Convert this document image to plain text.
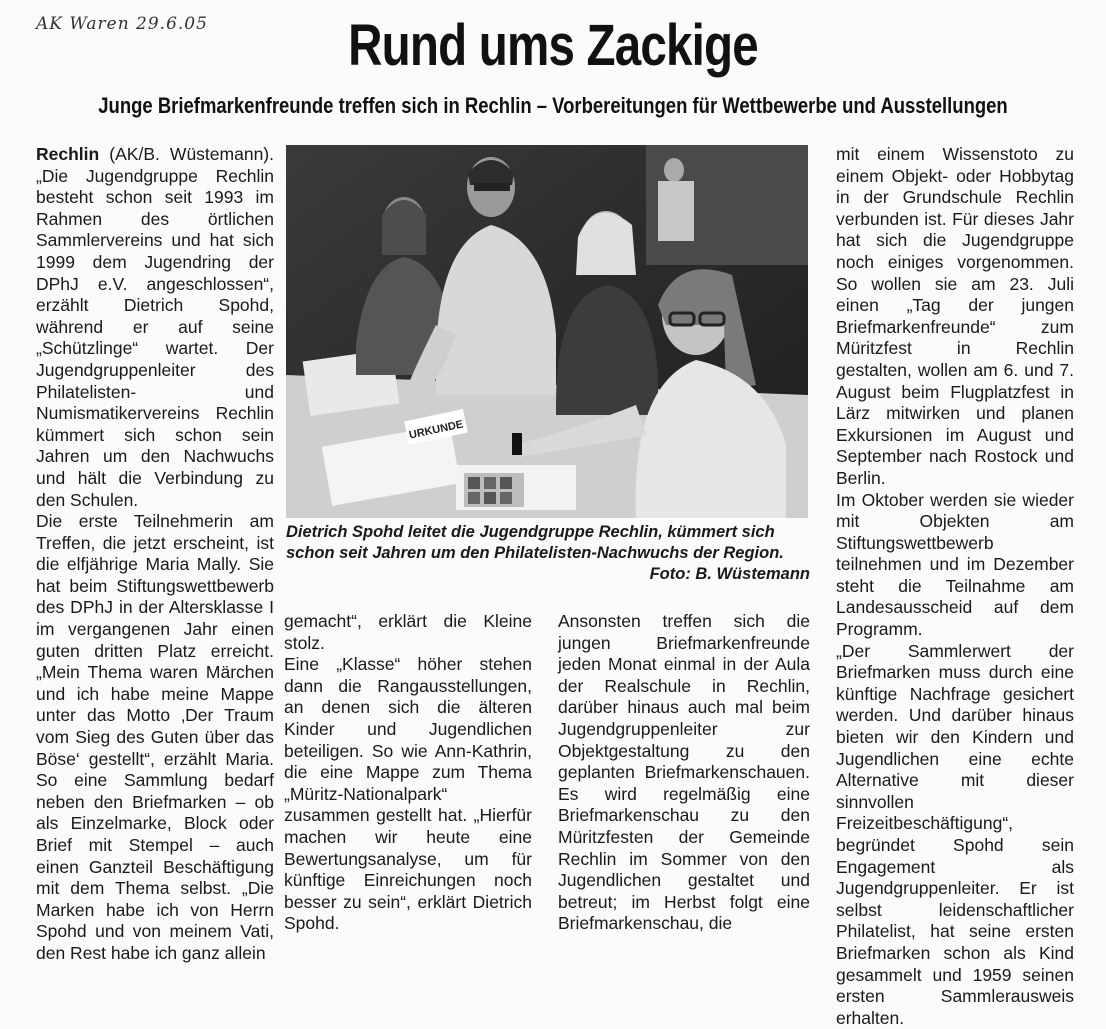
AK Waren 29.6.05	Rund ums Zackige
Junge Briefmarkenfreunde treffen sich in Rechlin – Vorbereitungen für Wettbewerbe und Ausstellungen

Rechlin (AK/B. Wüstemann). „Die Jugendgruppe Rechlin besteht schon seit 1993 im Rahmen des örtlichen Sammlervereins und hat sich 1999 dem Jugendring der DPhJ e.V. angeschlossen“, erzählt Dietrich Spohd, während er auf seine „Schützlinge“ wartet. Der Jugendgruppenleiter des Philatelisten- und Numismatikervereins Rechlin kümmert sich schon sein Jahren um den Nachwuchs und hält die Verbindung zu den Schulen.

Die erste Teilnehmerin am Treffen, die jetzt erscheint, ist die elfjährige Maria Mally. Sie hat beim Stiftungswettbewerb des DPhJ in der Altersklasse I im vergangenen Jahr einen guten dritten Platz erreicht. „Mein Thema waren Märchen und ich habe meine Mappe unter das Motto ‚Der Traum vom Sieg des Guten über das Böse‘ gestellt“, erzählt Maria. So eine Sammlung bedarf neben den Briefmarken – ob als Einzelmarke, Block oder Brief mit Stempel – auch einen Ganzteil Beschäftigung mit dem Thema selbst. „Die Marken habe ich von Herrn Spohd und von meinem Vati, den Rest habe ich ganz allein

URKUNDE
Dietrich Spohd leitet die Jugendgruppe Rechlin, kümmert sich schon seit Jahren um den Philatelisten-Nachwuchs der Region.
Foto: B. Wüstemann

gemacht“, erklärt die Kleine stolz.

Eine „Klasse“ höher stehen dann die Rangausstellungen, an denen sich die älteren Kinder und Jugendlichen beteiligen. So wie Ann-Kathrin, die eine Mappe zum Thema „Müritz-Nationalpark“ zusammen gestellt hat. „Hierfür machen wir heute eine Bewertungsanalyse, um für künftige Einreichungen noch besser zu sein“, erklärt Dietrich Spohd.

Ansonsten treffen sich die jungen Briefmarkenfreunde jeden Monat einmal in der Aula der Realschule in Rechlin, darüber hinaus auch mal beim Jugendgruppenleiter zur Objektgestaltung zu den geplanten Briefmarkenschauen. Es wird regelmäßig eine Briefmarkenschau zu den Müritzfesten der Gemeinde Rechlin im Sommer von den Jugendlichen gestaltet und betreut; im Herbst folgt eine Briefmarkenschau, die

mit einem Wissenstoto zu einem Objekt- oder Hobbytag in der Grundschule Rechlin verbunden ist. Für dieses Jahr hat sich die Jugendgruppe noch einiges vorgenommen. So wollen sie am 23. Juli einen „Tag der jungen Briefmarkenfreunde“ zum Müritzfest in Rechlin gestalten, wollen am 6. und 7. August beim Flugplatzfest in Lärz mitwirken und planen Exkursionen im August und September nach Rostock und Berlin.

Im Oktober werden sie wieder mit Objekten am Stiftungswettbewerb teilnehmen und im Dezember steht die Teilnahme am Landesausscheid auf dem Programm.

„Der Sammlerwert der Briefmarken muss durch eine künftige Nachfrage gesichert werden. Und darüber hinaus bieten wir den Kindern und Jugendlichen eine echte Alternative mit dieser sinnvollen Freizeitbeschäftigung“, begründet Spohd sein Engagement als Jugendgruppenleiter. Er ist selbst leidenschaftlicher Philatelist, hat seine ersten Briefmarken schon als Kind gesammelt und 1959 seinen ersten Sammlerausweis erhalten.
